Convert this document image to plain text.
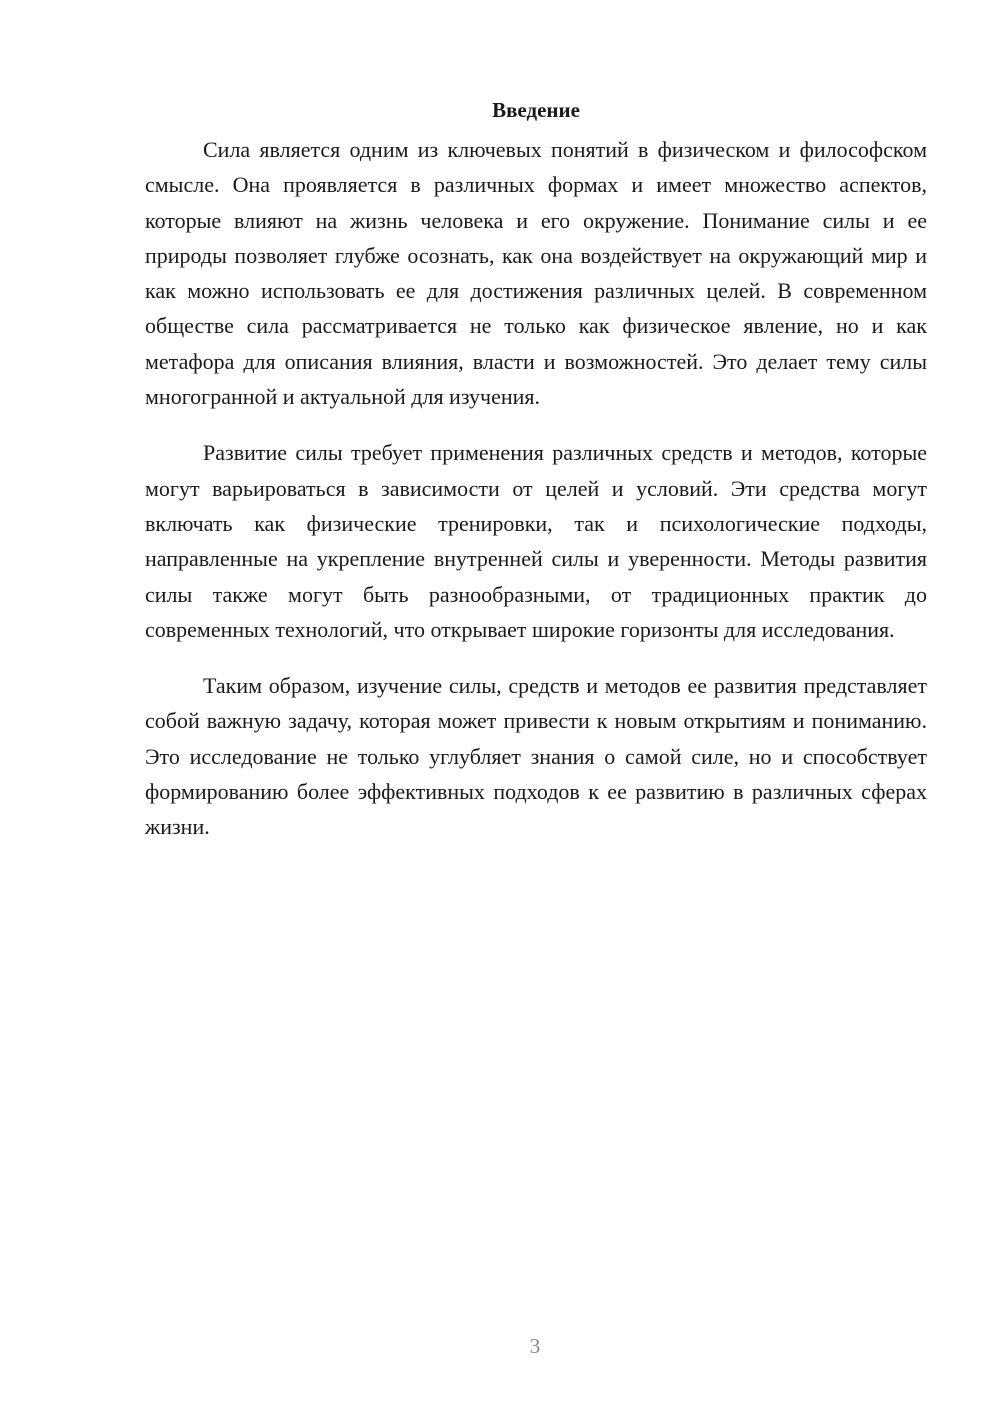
Введение

Сила является одним из ключевых понятий в физическом и философском смысле. Она проявляется в различных формах и имеет множество аспектов, которые влияют на жизнь человека и его окружение. Понимание силы и ее природы позволяет глубже осознать, как она воздействует на окружающий мир и как можно использовать ее для достижения различных целей. В современном обществе сила рассматривается не только как физическое явление, но и как метафора для описания влияния, власти и возможностей. Это делает тему силы многогранной и актуальной для изучения.

Развитие силы требует применения различных средств и методов, которые могут варьироваться в зависимости от целей и условий. Эти средства могут включать как физические тренировки, так и психологические подходы, направленные на укрепление внутренней силы и уверенности. Методы развития силы также могут быть разнообразными, от традиционных практик до современных технологий, что открывает широкие горизонты для исследования.

Таким образом, изучение силы, средств и методов ее развития представляет собой важную задачу, которая может привести к новым открытиям и пониманию. Это исследование не только углубляет знания о самой силе, но и способствует формированию более эффективных подходов к ее развитию в различных сферах жизни.

3
